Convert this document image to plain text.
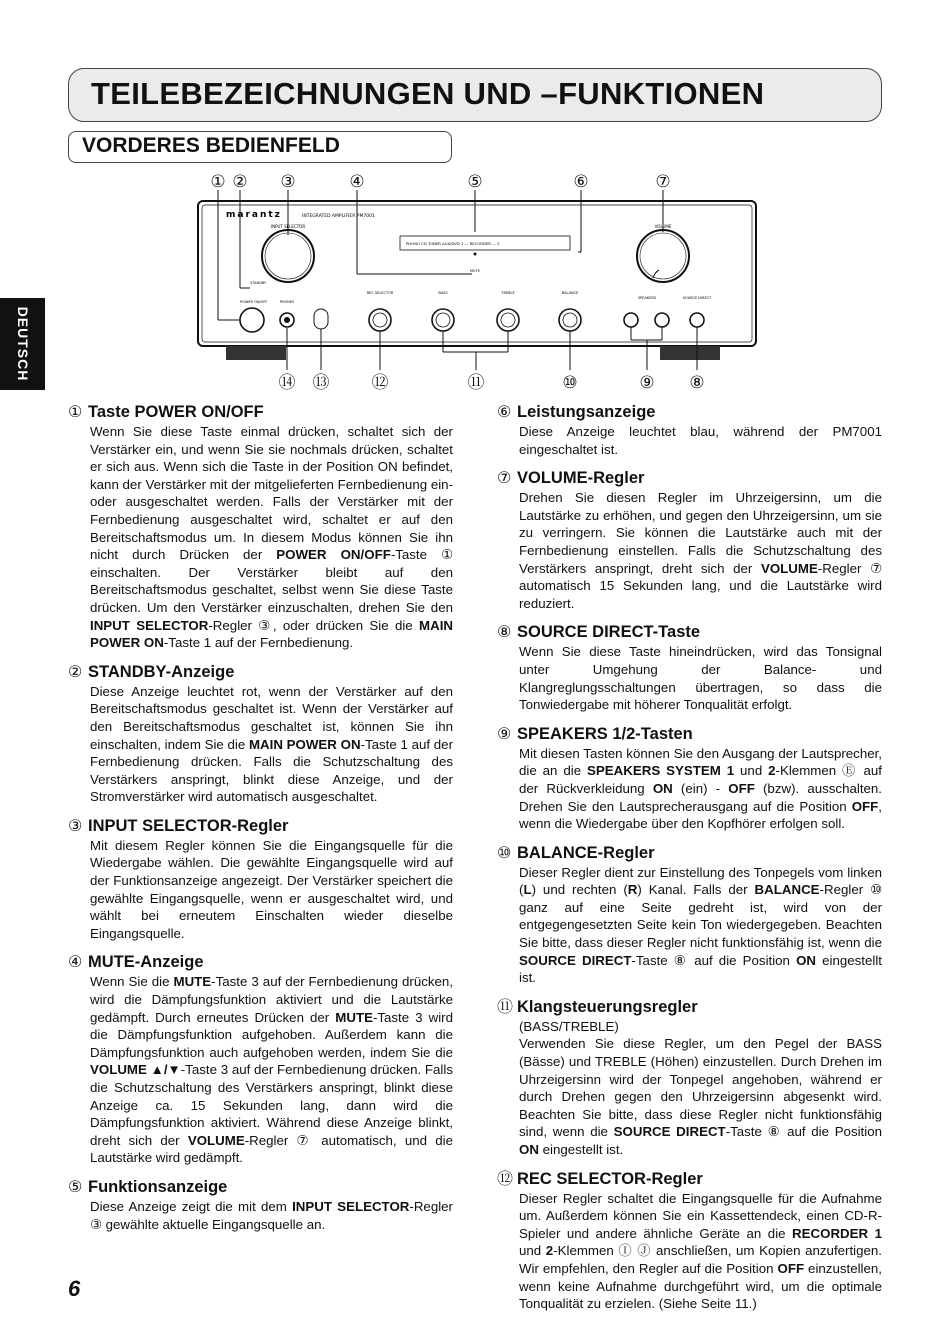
TEILEBEZEICHNUNGEN UND –FUNKTIONEN
VORDERES BEDIENFELD
DEUTSCH
① ② ③	④	⑤	⑥	⑦
⑭ ⑬ ⑫	⑪	⑩	⑨ ⑧
marantz	INTEGRATED AMPLIFIER PM7001
INPUT SELECTOR	VOLUME
PHONO CD TUNER AUX/DVD 1 — RECORDER — 2
MUTE
STANDBY
POWER ON/OFF	PHONES
REC SELECTOR	BASS	TREBLE	BALANCE
SPEAKERS	SOURCE DIRECT
① Taste POWER ON/OFF

Wenn Sie diese Taste einmal drücken, schaltet sich der Verstärker ein, und wenn Sie sie nochmals drücken, schaltet er sich aus. Wenn sich die Taste in der Position ON befindet, kann der Verstärker mit der mitgelieferten Fernbedienung ein- oder ausgeschaltet werden. Falls der Verstärker mit der Fernbedienung ausgeschaltet wird, schaltet er auf den Bereitschaftsmodus um. In diesem Modus können Sie ihn nicht durch Drücken der POWER ON/OFF-Taste ① einschalten. Der Verstärker bleibt auf den Bereitschaftsmodus geschaltet, selbst wenn Sie diese Taste drücken. Um den Verstärker einzuschalten, drehen Sie den INPUT SELECTOR-Regler ③, oder drücken Sie die MAIN POWER ON-Taste 1 auf der Fernbedienung.

② STANDBY-Anzeige

Diese Anzeige leuchtet rot, wenn der Verstärker auf den Bereitschaftsmodus geschaltet ist. Wenn der Verstärker auf den Bereitschaftsmodus geschaltet ist, können Sie ihn einschalten, indem Sie die MAIN POWER ON-Taste 1 auf der Fernbedienung drücken. Falls die Schutzschaltung des Verstärkers anspringt, blinkt diese Anzeige, und der Stromverstärker wird automatisch ausgeschaltet.

③ INPUT SELECTOR-Regler

Mit diesem Regler können Sie die Eingangsquelle für die Wiedergabe wählen. Die gewählte Eingangsquelle wird auf der Funktionsanzeige angezeigt. Der Verstärker speichert die gewählte Eingangsquelle, wenn er ausgeschaltet wird, und wählt bei erneutem Einschalten wieder dieselbe Eingangsquelle.

④ MUTE-Anzeige

Wenn Sie die MUTE-Taste 3 auf der Fernbedienung drücken, wird die Dämpfungsfunktion aktiviert und die Lautstärke gedämpft. Durch erneutes Drücken der MUTE-Taste 3 wird die Dämpfungsfunktion aufgehoben. Außerdem kann die Dämpfungsfunktion auch aufgehoben werden, indem Sie die VOLUME ▲/▼-Taste 3 auf der Fernbedienung drücken. Falls die Schutzschaltung des Verstärkers anspringt, blinkt diese Anzeige ca. 15 Sekunden lang, dann wird die Dämpfungsfunktion aktiviert. Während diese Anzeige blinkt, dreht sich der VOLUME-Regler ⑦ automatisch, und die Lautstärke wird gedämpft.

⑤ Funktionsanzeige

Diese Anzeige zeigt die mit dem INPUT SELECTOR-Regler ③ gewählte aktuelle Eingangsquelle an.

⑥ Leistungsanzeige

Diese Anzeige leuchtet blau, während der PM7001 eingeschaltet ist.

⑦ VOLUME-Regler

Drehen Sie diesen Regler im Uhrzeigersinn, um die Lautstärke zu erhöhen, und gegen den Uhrzeigersinn, um sie zu verringern. Sie können die Lautstärke auch mit der Fernbedienung einstellen. Falls die Schutzschaltung des Verstärkers anspringt, dreht sich der VOLUME-Regler ⑦ automatisch 15 Sekunden lang, und die Lautstärke wird reduziert.

⑧ SOURCE DIRECT-Taste

Wenn Sie diese Taste hineindrücken, wird das Tonsignal unter Umgehung der Balance- und Klangreglungsschaltungen übertragen, so dass die Tonwiedergabe mit höherer Tonqualität erfolgt.

⑨ SPEAKERS 1/2-Tasten

Mit diesen Tasten können Sie den Ausgang der Lautsprecher, die an die SPEAKERS SYSTEM 1 und 2-Klemmen Ⓔ auf der Rückverkleidung ON (ein) - OFF (bzw). ausschalten. Drehen Sie den Lautsprecherausgang auf die Position OFF, wenn die Wiedergabe über den Kopfhörer erfolgen soll.

⑩ BALANCE-Regler

Dieser Regler dient zur Einstellung des Tonpegels vom linken (L) und rechten (R) Kanal. Falls der BALANCE-Regler ⑩ ganz auf eine Seite gedreht ist, wird von der entgegengesetzten Seite kein Ton wiedergegeben. Beachten Sie bitte, dass dieser Regler nicht funktionsfähig ist, wenn die SOURCE DIRECT-Taste ⑧ auf die Position ON eingestellt ist.

⑪ Klangsteuerungsregler

(BASS/TREBLE)
Verwenden Sie diese Regler, um den Pegel der BASS (Bässe) und TREBLE (Höhen) einzustellen. Durch Drehen im Uhrzeigersinn wird der Tonpegel angehoben, während er durch Drehen gegen den Uhrzeigersinn abgesenkt wird. Beachten Sie bitte, dass diese Regler nicht funktionsfähig sind, wenn die SOURCE DIRECT-Taste ⑧ auf die Position ON eingestellt ist.

⑫ REC SELECTOR-Regler

Dieser Regler schaltet die Eingangsquelle für die Aufnahme um. Außerdem können Sie ein Kassettendeck, einen CD-R-Spieler und andere ähnliche Geräte an die RECORDER 1 und 2-Klemmen Ⓘ Ⓙ anschließen, um Kopien anzufertigen. Wir empfehlen, den Regler auf die Position OFF einzustellen, wenn keine Aufnahme durchgeführt wird, um die optimale Tonqualität zu erzielen. (Siehe Seite 11.)

6
